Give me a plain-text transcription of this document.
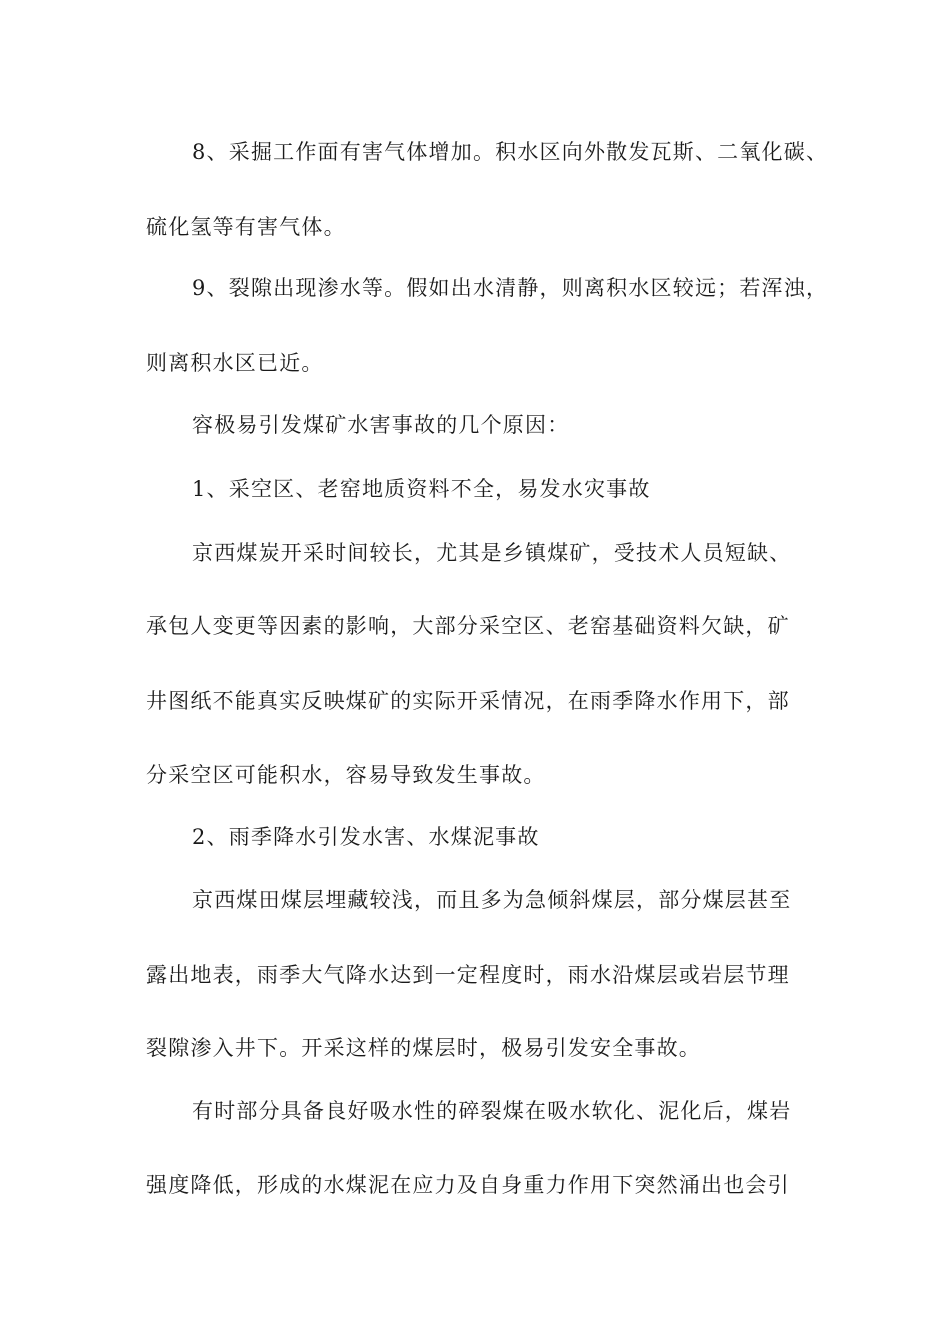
8、采掘工作面有害气体增加。积水区向外散发瓦斯、二氧化碳、
硫化氢等有害气体。
9、裂隙出现渗水等。假如出水清静，则离积水区较远；若浑浊，
则离积水区已近。
容极易引发煤矿水害事故的几个原因：
1、采空区、老窑地质资料不全，易发水灾事故
京西煤炭开采时间较长，尤其是乡镇煤矿，受技术人员短缺、
承包人变更等因素的影响，大部分采空区、老窑基础资料欠缺，矿
井图纸不能真实反映煤矿的实际开采情况，在雨季降水作用下，部
分采空区可能积水，容易导致发生事故。
2、雨季降水引发水害、水煤泥事故
京西煤田煤层埋藏较浅，而且多为急倾斜煤层，部分煤层甚至
露出地表，雨季大气降水达到一定程度时，雨水沿煤层或岩层节理
裂隙渗入井下。开采这样的煤层时，极易引发安全事故。
有时部分具备良好吸水性的碎裂煤在吸水软化、泥化后，煤岩
强度降低，形成的水煤泥在应力及自身重力作用下突然涌出也会引
